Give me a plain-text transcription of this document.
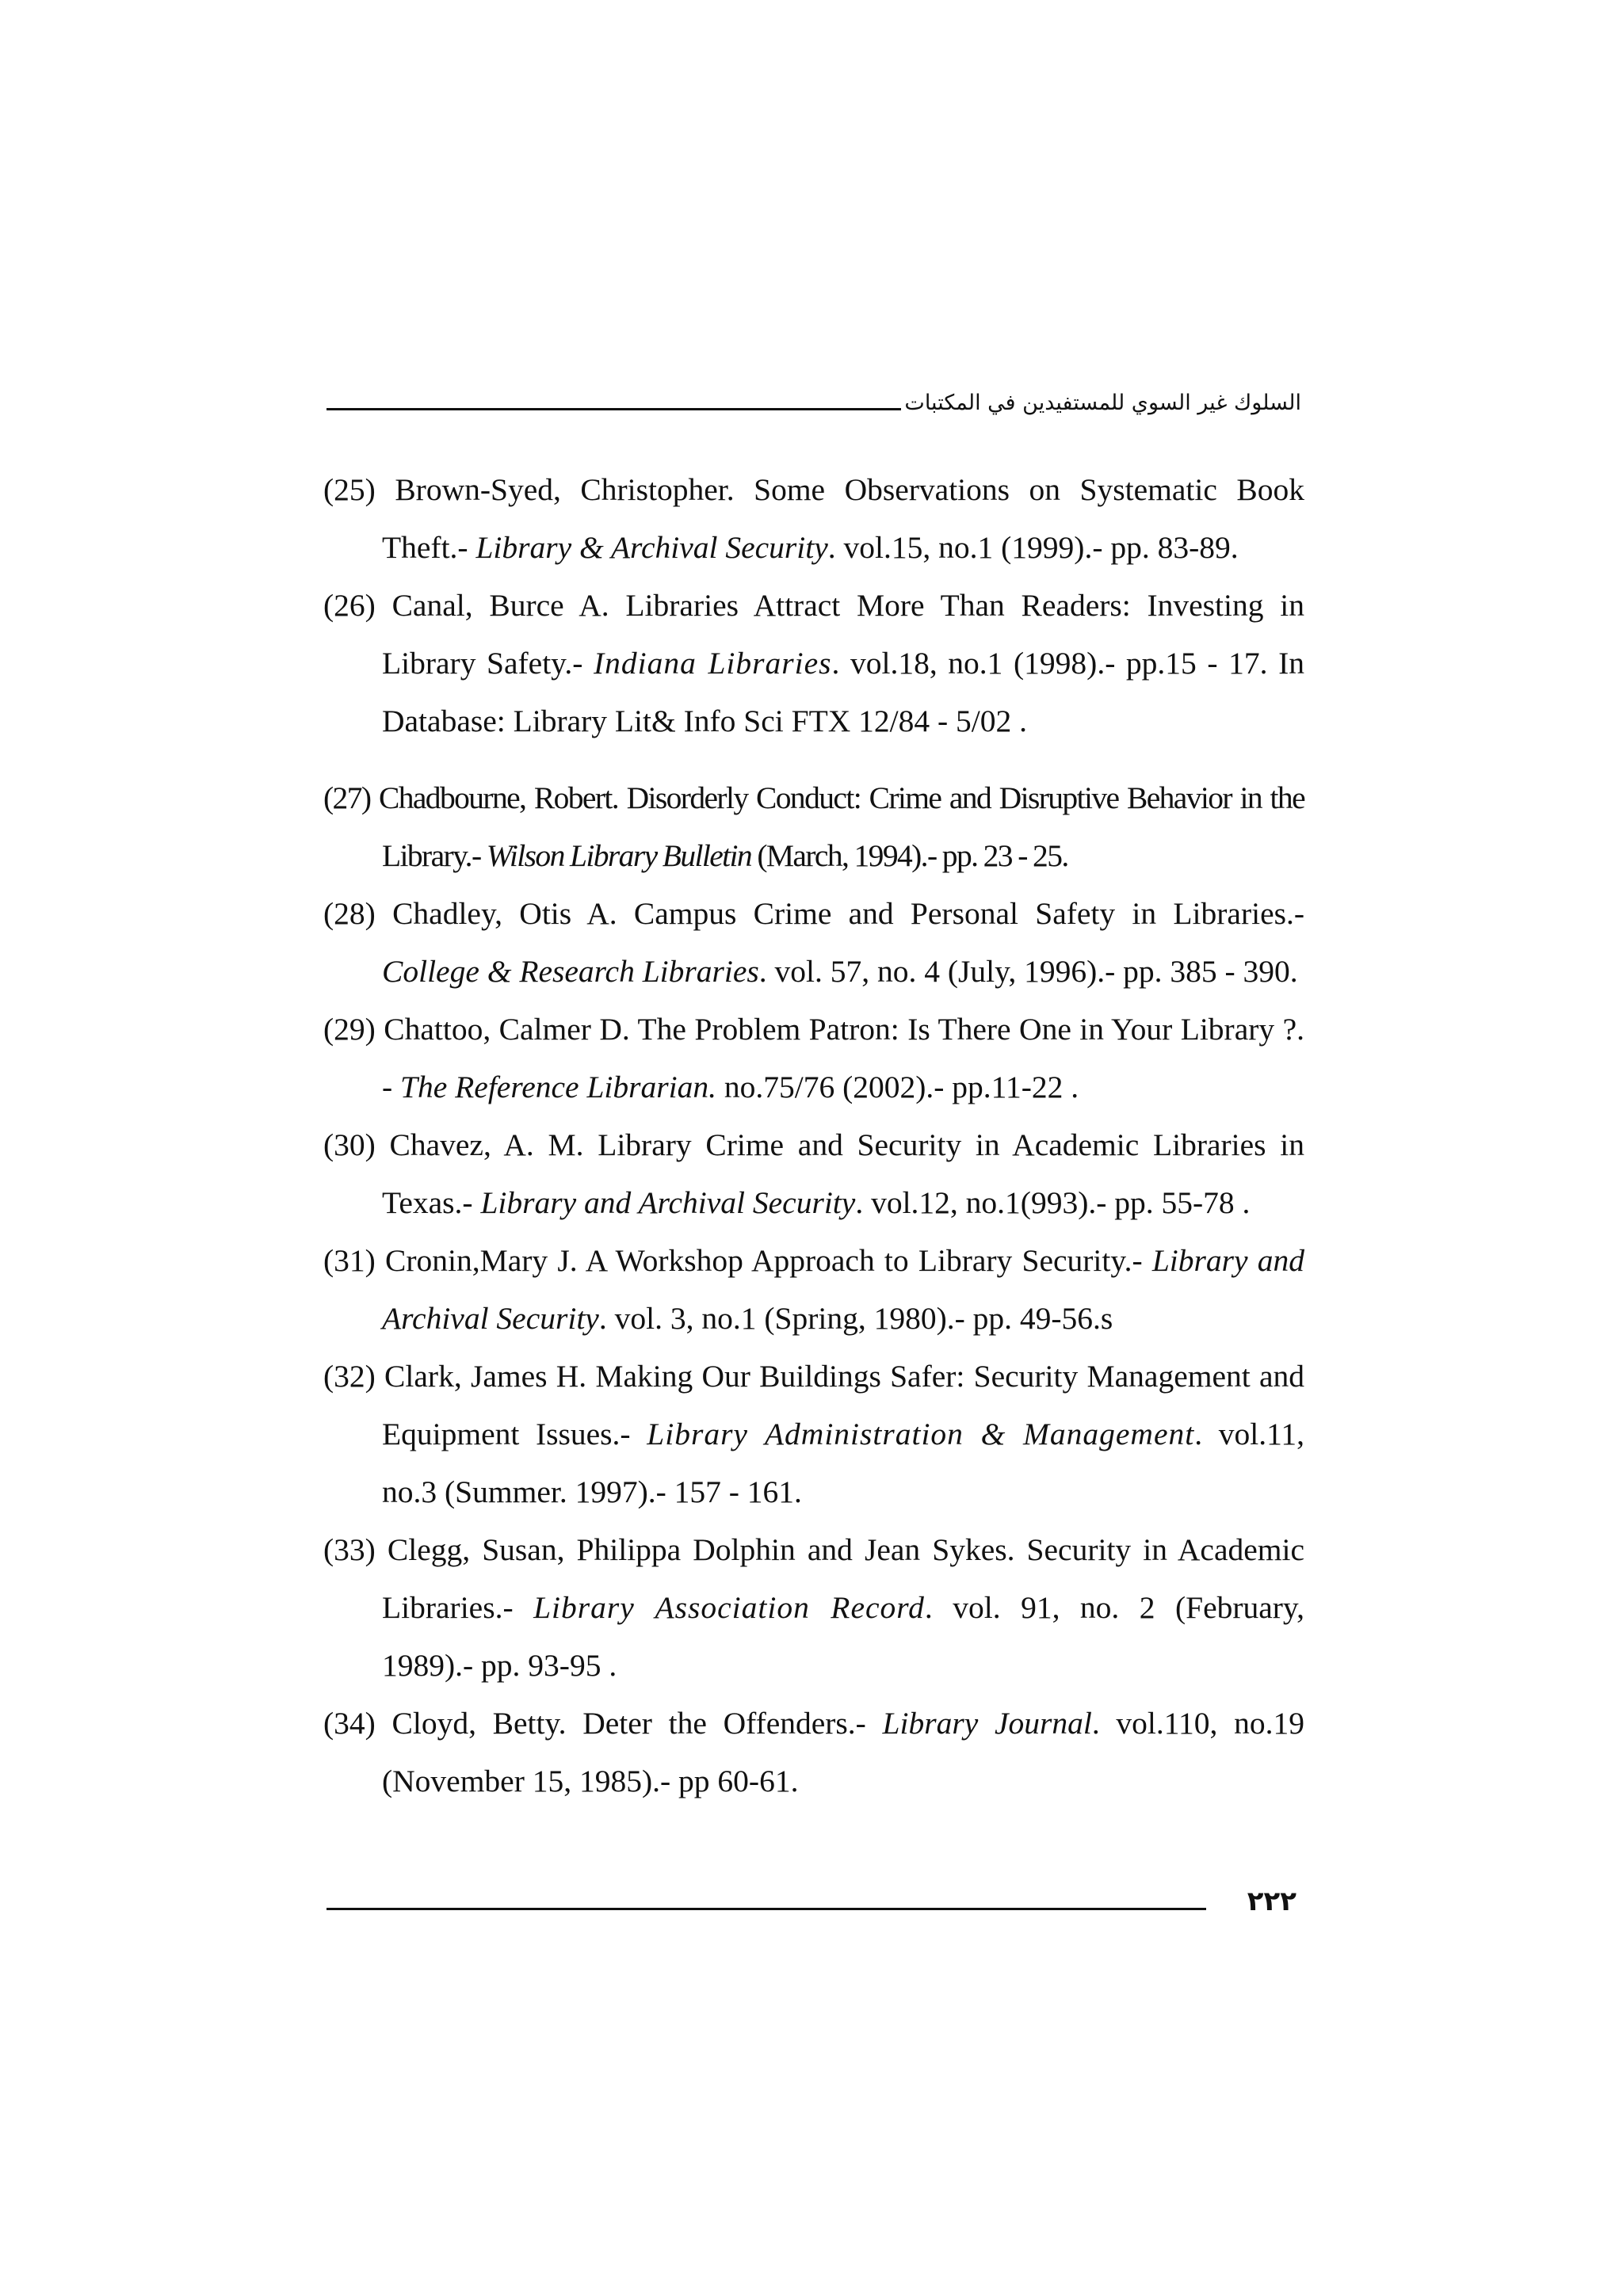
السلوك غير السوي للمستفيدين في المكتبات
(25) Brown-Syed, Christopher. Some Observations on Systematic Book Theft.- Library & Archival Security. vol.15, no.1 (1999).- pp. 83-89.
(26) Canal, Burce A. Libraries Attract More Than Readers: Investing in Library Safety.- Indiana Libraries. vol.18, no.1 (1998).- pp.15 - 17. In Database: Library Lit& Info Sci FTX 12/84 - 5/02 .
(27) Chadbourne, Robert. Disorderly Conduct: Crime and Disruptive Behavior in the Library.- Wilson Library Bulletin (March, 1994).- pp. 23 - 25.
(28) Chadley, Otis A. Campus Crime and Personal Safety in Libraries.- College & Research Libraries. vol. 57, no. 4 (July, 1996).- pp. 385 - 390.
(29) Chattoo, Calmer D. The Problem Patron: Is There One in Your Library ?. - The Reference Librarian. no.75/76 (2002).- pp.11-22 .
(30) Chavez, A. M. Library Crime and Security in Academic Libraries in Texas.- Library and Archival Security. vol.12, no.1(993).- pp. 55-78 .
(31) Cronin,Mary J. A Workshop Approach to Library Security.- Library and Archival Security. vol. 3, no.1 (Spring, 1980).- pp. 49-56.s
(32) Clark, James H. Making Our Buildings Safer: Security Management and Equipment Issues.- Library Administration & Management. vol.11, no.3 (Summer. 1997).- 157 - 161.
(33) Clegg, Susan, Philippa Dolphin and Jean Sykes. Security in Academic Libraries.- Library Association Record. vol. 91, no. 2 (February, 1989).- pp. 93-95 .
(34) Cloyd, Betty. Deter the Offenders.- Library Journal. vol.110, no.19 (November 15, 1985).- pp 60-61.
٢٢٢
